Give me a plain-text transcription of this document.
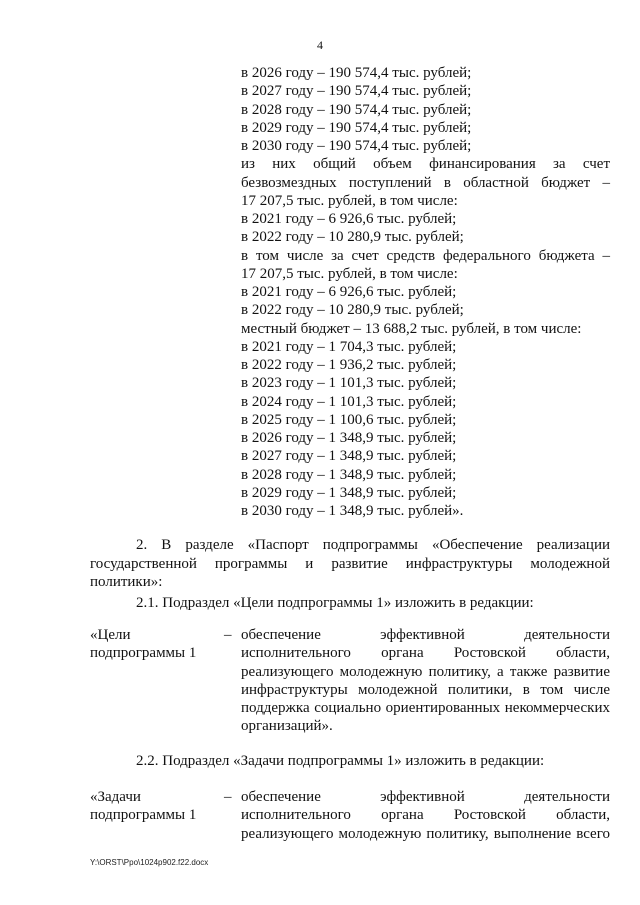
4
в 2026 году – 190 574,4 тыс. рублей;
в 2027 году – 190 574,4 тыс. рублей;
в 2028 году – 190 574,4 тыс. рублей;
в 2029 году – 190 574,4 тыс. рублей;
в 2030 году – 190 574,4 тыс. рублей;
из них общий объем финансирования за счет
безвозмездных поступлений в областной бюджет –
17 207,5 тыс. рублей, в том числе:
в 2021 году – 6 926,6 тыс. рублей;
в 2022 году – 10 280,9 тыс. рублей;
в том числе за счет средств федерального бюджета –
17 207,5 тыс. рублей, в том числе:
в 2021 году – 6 926,6 тыс. рублей;
в 2022 году – 10 280,9 тыс. рублей;
местный бюджет – 13 688,2 тыс. рублей, в том числе:
в 2021 году – 1 704,3 тыс. рублей;
в 2022 году – 1 936,2 тыс. рублей;
в 2023 году – 1 101,3 тыс. рублей;
в 2024 году – 1 101,3 тыс. рублей;
в 2025 году – 1 100,6 тыс. рублей;
в 2026 году – 1 348,9 тыс. рублей;
в 2027 году – 1 348,9 тыс. рублей;
в 2028 году – 1 348,9 тыс. рублей;
в 2029 году – 1 348,9 тыс. рублей;
в 2030 году – 1 348,9 тыс. рублей».
2. В разделе «Паспорт подпрограммы «Обеспечение реализации
государственной программы и развитие инфраструктуры молодежной
политики»:
2.1. Подраздел «Цели подпрограммы 1» изложить в редакции:
«Цели
подпрограммы 1
– обеспечение эффективной деятельности
исполнительного органа Ростовской области,
реализующего молодежную политику, а также развитие
инфраструктуры молодежной политики, в том числе
поддержка социально ориентированных некоммерческих
организаций».
2.2. Подраздел «Задачи подпрограммы 1» изложить в редакции:
«Задачи
подпрограммы 1
– обеспечение эффективной деятельности
исполнительного органа Ростовской области,
реализующего молодежную политику, выполнение всего
Y:\ORST\Ppo\1024p902.f22.docx
